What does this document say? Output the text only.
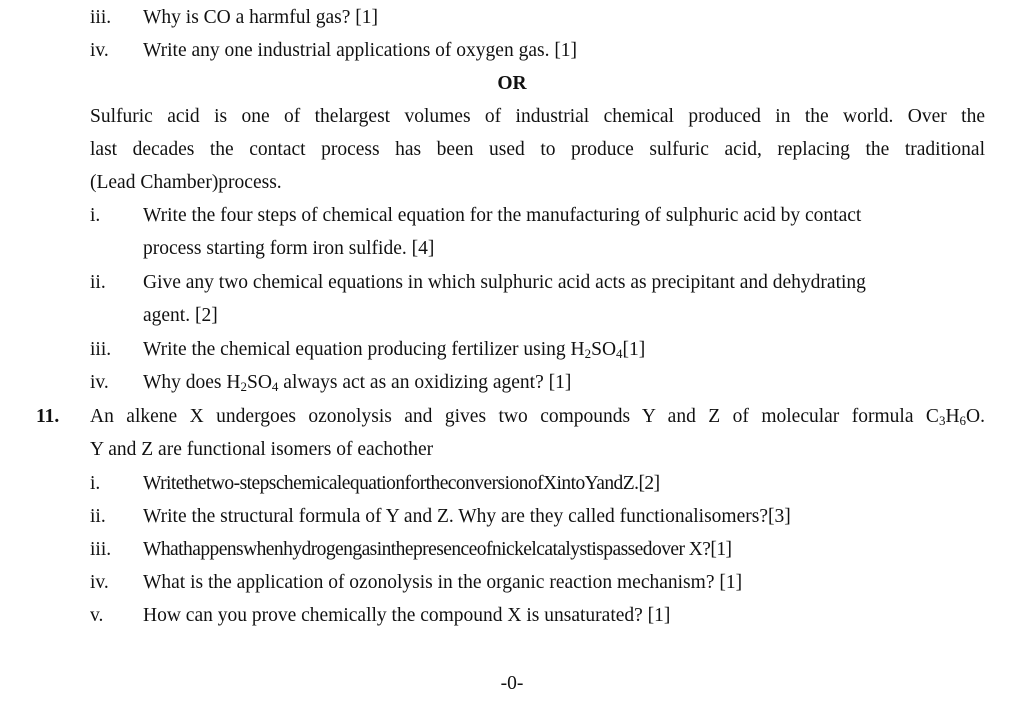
iii. Why is CO a harmful gas? [1]
iv. Write any one industrial applications of oxygen gas. [1]
OR
Sulfuric acid is one of thelargest volumes of industrial chemical produced in the world. Over the
last decades the contact process has been used to produce sulfuric acid, replacing the traditional
(Lead Chamber)process.
i. Write the four steps of chemical equation for the manufacturing of sulphuric acid by contact
process starting form iron sulfide. [4]
ii. Give any two chemical equations in which sulphuric acid acts as precipitant and dehydrating
agent. [2]
iii. Write the chemical equation producing fertilizer using $H_2SO_4[1]$
iv. Why does $H_2SO_4$ always act as an oxidizing agent? [1]
11. An alkene X undergoes ozonolysis and gives two compounds Y and Z of molecular formula $C_3H_6O$.
Y and Z are functional isomers of eachother
i. Writethetwo-stepschemicalequationfortheconversionofXintoYandZ.[2]
ii. Write the structural formula of Y and Z. Why are they called functionalisomers?[3]
iii. Whathappenswhenhydrogengasinthepresenceofnickelcatalystispassedover X?[1]
iv. What is the application of ozonolysis in the organic reaction mechanism? [1]
v. How can you prove chemically the compound X is unsaturated? [1]
-0-
